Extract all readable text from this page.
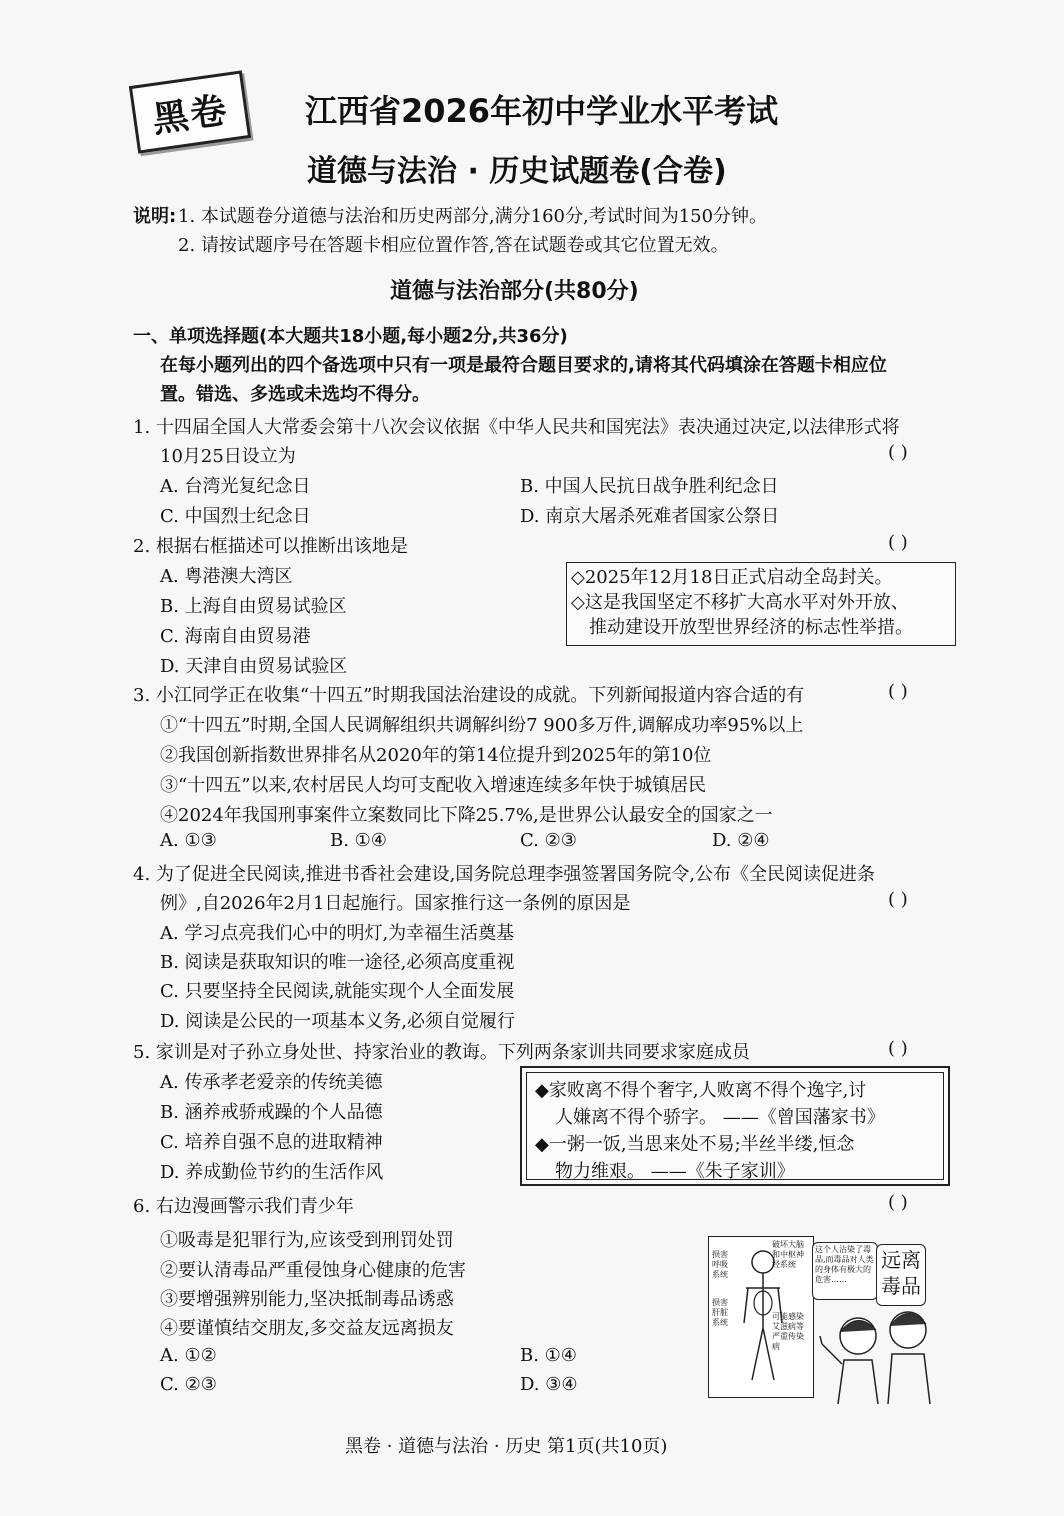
黑卷	江西省2026年初中学业水平考试
道德与法治 · 历史试题卷(合卷)
说明: 1. 本试题卷分道德与法治和历史两部分,满分160分,考试时间为150分钟。
2. 请按试题序号在答题卡相应位置作答,答在试题卷或其它位置无效。
道德与法治部分(共80分)
一、单项选择题(本大题共18小题,每小题2分,共36分)
在每小题列出的四个备选项中只有一项是最符合题目要求的,请将其代码填涂在答题卡相应位
置。错选、多选或未选均不得分。
1. 十四届全国人大常委会第十八次会议依据《中华人民共和国宪法》表决通过决定,以法律形式将
10月25日设立为	( )
A. 台湾光复纪念日	B. 中国人民抗日战争胜利纪念日
C. 中国烈士纪念日	D. 南京大屠杀死难者国家公祭日
2. 根据右框描述可以推断出该地是	( )
A. 粤港澳大湾区
B. 上海自由贸易试验区
C. 海南自由贸易港
D. 天津自由贸易试验区
◇2025年12月18日正式启动全岛封关。
◇这是我国坚定不移扩大高水平对外开放、
推动建设开放型世界经济的标志性举措。
3. 小江同学正在收集“十四五”时期我国法治建设的成就。下列新闻报道内容合适的有	( )
①“十四五”时期,全国人民调解组织共调解纠纷7 900多万件,调解成功率95%以上
②我国创新指数世界排名从2020年的第14位提升到2025年的第10位
③“十四五”以来,农村居民人均可支配收入增速连续多年快于城镇居民
④2024年我国刑事案件立案数同比下降25.7%,是世界公认最安全的国家之一
A. ①③	B. ①④	C. ②③	D. ②④
4. 为了促进全民阅读,推进书香社会建设,国务院总理李强签署国务院令,公布《全民阅读促进条
例》,自2026年2月1日起施行。国家推行这一条例的原因是	( )
A. 学习点亮我们心中的明灯,为幸福生活奠基
B. 阅读是获取知识的唯一途径,必须高度重视
C. 只要坚持全民阅读,就能实现个人全面发展
D. 阅读是公民的一项基本义务,必须自觉履行
5. 家训是对子孙立身处世、持家治业的教诲。下列两条家训共同要求家庭成员	( )
A. 传承孝老爱亲的传统美德
B. 涵养戒骄戒躁的个人品德
C. 培养自强不息的进取精神
D. 养成勤俭节约的生活作风
◆家败离不得个奢字,人败离不得个逸字,讨
人嫌离不得个骄字。 ——《曾国藩家书》
◆一粥一饭,当思来处不易;半丝半缕,恒念
物力维艰。 ——《朱子家训》
6. 右边漫画警示我们青少年	( )
①吸毒是犯罪行为,应该受到刑罚处罚
②要认清毒品严重侵蚀身心健康的危害
③要增强辨别能力,坚决抵制毒品诱惑
④要谨慎结交朋友,多交益友远离损友
A. ①②	B. ①④
C. ②③	D. ③④
损害呼吸系统
损害肝脏系统
破坏大脑和中枢神经系统
可能感染艾滋病等严重传染病
这个人沾染了毒品,而毒品对人类的身体有极大的危害……
远离毒品
黑卷 · 道德与法治 · 历史 第1页(共10页)
